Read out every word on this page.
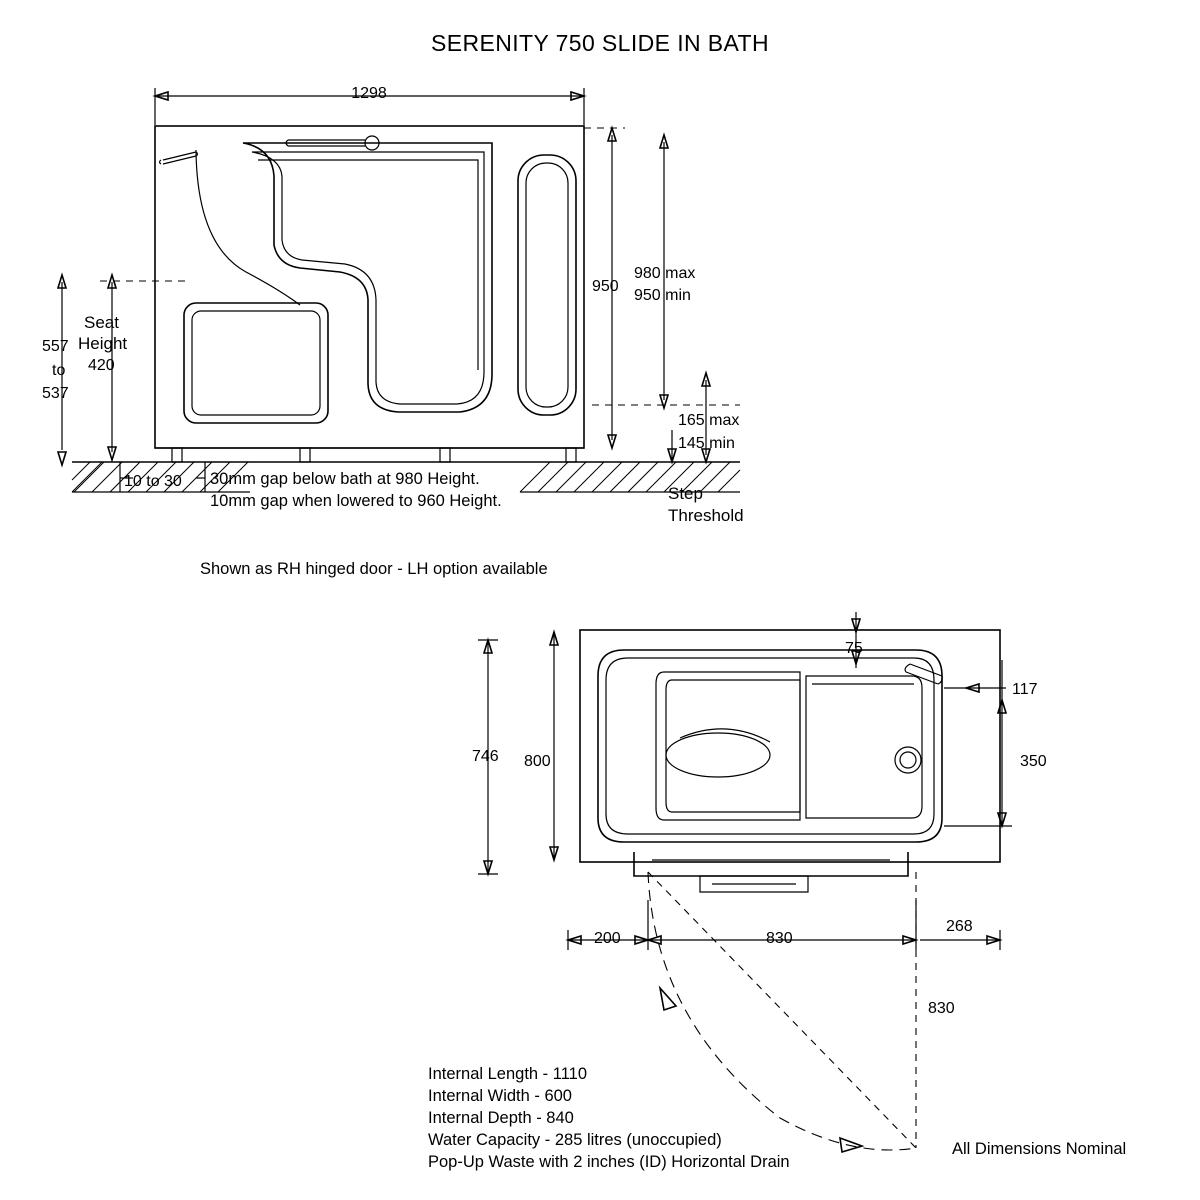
SERENITY 750 SLIDE IN BATH
1298
950
980 max
950 min
557
to
537
Seat
Height
420
10 to 30
165 max
145 min
Step
Threshold
30mm gap below bath at 980 Height.
10mm gap when lowered to 960 Height.
Shown as RH hinged door - LH option available
75
117
350
746 800
200	830
268
830
Internal Length - 1110
Internal Width - 600
Internal Depth - 840
Water Capacity - 285 litres (unoccupied)
Pop-Up Waste with 2 inches (ID) Horizontal Drain
All Dimensions Nominal
